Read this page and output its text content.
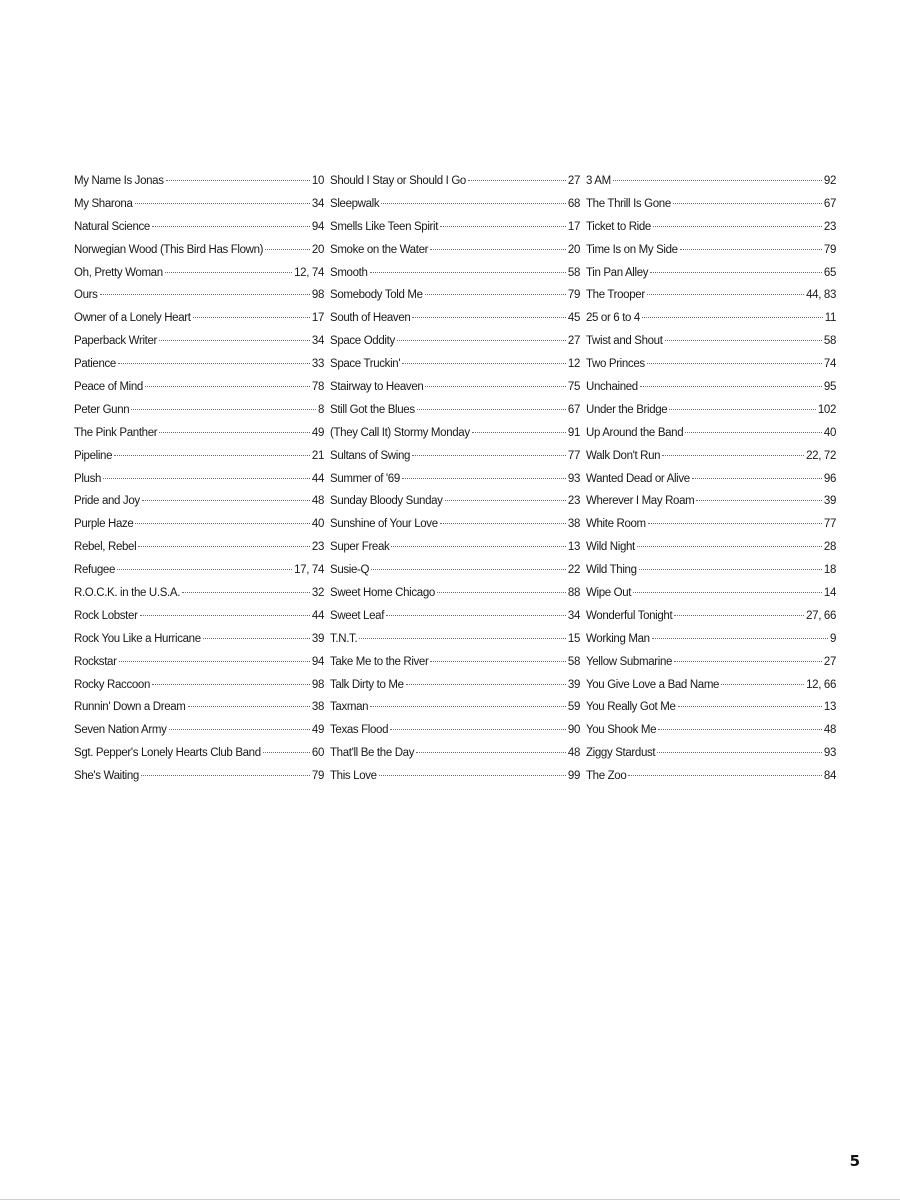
My Name Is Jonas	10
My Sharona	34
Natural Science	94
Norwegian Wood (This Bird Has Flown)	20
Oh, Pretty Woman	12, 74
Ours	98
Owner of a Lonely Heart	17
Paperback Writer	34
Patience	33
Peace of Mind	78
Peter Gunn	8
The Pink Panther	49
Pipeline	21
Plush	44
Pride and Joy	48
Purple Haze	40
Rebel, Rebel	23
Refugee	17, 74
R.O.C.K. in the U.S.A.	32
Rock Lobster	44
Rock You Like a Hurricane	39
Rockstar	94
Rocky Raccoon	98
Runnin' Down a Dream	38
Seven Nation Army	49
Sgt. Pepper's Lonely Hearts Club Band	60
She's Waiting	79
Should I Stay or Should I Go	27
Sleepwalk	68
Smells Like Teen Spirit	17
Smoke on the Water	20
Smooth	58
Somebody Told Me	79
South of Heaven	45
Space Oddity	27
Space Truckin'	12
Stairway to Heaven	75
Still Got the Blues	67
(They Call It) Stormy Monday	91
Sultans of Swing	77
Summer of '69	93
Sunday Bloody Sunday	23
Sunshine of Your Love	38
Super Freak	13
Susie-Q	22
Sweet Home Chicago	88
Sweet Leaf	34
T.N.T.	15
Take Me to the River	58
Talk Dirty to Me	39
Taxman	59
Texas Flood	90
That'll Be the Day	48
This Love	99
3 AM	92
The Thrill Is Gone	67
Ticket to Ride	23
Time Is on My Side	79
Tin Pan Alley	65
The Trooper	44, 83
25 or 6 to 4	11
Twist and Shout	58
Two Princes	74
Unchained	95
Under the Bridge	102
Up Around the Band	40
Walk Don't Run	22, 72
Wanted Dead or Alive	96
Wherever I May Roam	39
White Room	77
Wild Night	28
Wild Thing	18
Wipe Out	14
Wonderful Tonight	27, 66
Working Man	9
Yellow Submarine	27
You Give Love a Bad Name	12, 66
You Really Got Me	13
You Shook Me	48
Ziggy Stardust	93
The Zoo	84
5
